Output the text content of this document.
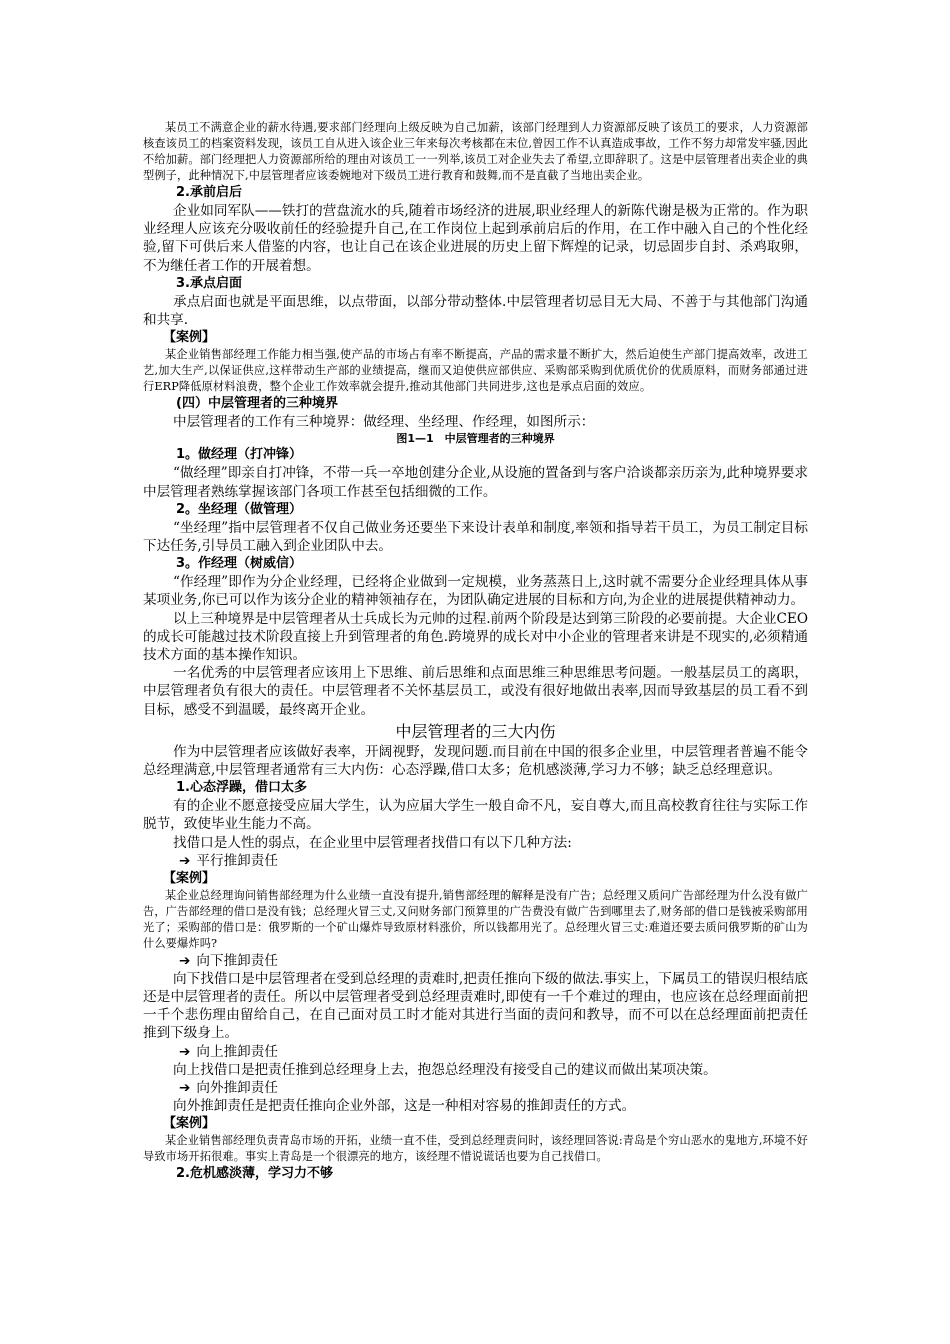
某员工不满意企业的薪水待遇,要求部门经理向上级反映为自己加薪，该部门经理到人力资源部反映了该员工的要求，人力资源部核查该员工的档案资料发现，该员工自从进入该企业三年来每次考核都在末位,曾因工作不认真造成事故，工作不努力却常发牢骚,因此不给加薪。部门经理把人力资源部所给的理由对该员工一一列举,该员工对企业失去了希望,立即辞职了。这是中层管理者出卖企业的典型例子，此种情况下,中层管理者应该委婉地对下级员工进行教育和鼓舞,而不是直截了当地出卖企业。

2.承前启后

企业如同军队——铁打的营盘流水的兵,随着市场经济的进展,职业经理人的新陈代谢是极为正常的。作为职业经理人应该充分吸收前任的经验提升自己,在工作岗位上起到承前启后的作用，在工作中融入自己的个性化经验,留下可供后来人借鉴的内容，也让自己在该企业进展的历史上留下辉煌的记录，切忌固步自封、杀鸡取卵，不为继任者工作的开展着想。

3.承点启面

承点启面也就是平面思维，以点带面，以部分带动整体.中层管理者切忌目无大局、不善于与其他部门沟通和共享.

【案例】

某企业销售部经理工作能力相当强,使产品的市场占有率不断提高，产品的需求量不断扩大，然后迫使生产部门提高效率，改进工艺,加大生产,以保证供应,这样带动生产部的业绩提高，继而又迫使供应部供应、采购部采购到优质优价的优质原料，而财务部通过进行ERP降低原材料浪费，整个企业工作效率就会提升,推动其他部门共同进步,这也是承点启面的效应。

(四）中层管理者的三种境界

中层管理者的工作有三种境界：做经理、坐经理、作经理，如图所示：

图1—1　中层管理者的三种境界

1。做经理（打冲锋）

“做经理”即亲自打冲锋，不带一兵一卒地创建分企业,从设施的置备到与客户洽谈都亲历亲为,此种境界要求中层管理者熟练掌握该部门各项工作甚至包括细微的工作。

2。坐经理（做管理）

“坐经理”指中层管理者不仅自己做业务还要坐下来设计表单和制度,率领和指导若干员工，为员工制定目标下达任务,引导员工融入到企业团队中去。

3。作经理（树威信）

“作经理”即作为分企业经理，已经将企业做到一定规模，业务蒸蒸日上,这时就不需要分企业经理具体从事某项业务,你已可以作为该分企业的精神领袖存在，为团队确定进展的目标和方向,为企业的进展提供精神动力。

以上三种境界是中层管理者从士兵成长为元帅的过程.前两个阶段是达到第三阶段的必要前提。大企业CEO的成长可能越过技术阶段直接上升到管理者的角色.跨境界的成长对中小企业的管理者来讲是不现实的,必须精通技术方面的基本操作知识。

一名优秀的中层管理者应该用上下思维、前后思维和点面思维三种思维思考问题。一般基层员工的离职，中层管理者负有很大的责任。中层管理者不关怀基层员工，或没有很好地做出表率,因而导致基层的员工看不到目标，感受不到温暖，最终离开企业。

中层管理者的三大内伤

作为中层管理者应该做好表率，开阔视野，发现问题.而目前在中国的很多企业里，中层管理者普遍不能令总经理满意,中层管理者通常有三大内伤：心态浮躁,借口太多；危机感淡薄,学习力不够；缺乏总经理意识。

1.心态浮躁，借口太多

有的企业不愿意接受应届大学生，认为应届大学生一般自命不凡，妄自尊大,而且高校教育往往与实际工作脱节，致使毕业生能力不高。

找借口是人性的弱点，在企业里中层管理者找借口有以下几种方法:

➔ 平行推卸责任

【案例】

某企业总经理询问销售部经理为什么业绩一直没有提升,销售部经理的解释是没有广告；总经理又质问广告部经理为什么没有做广告，广告部经理的借口是没有钱；总经理火冒三丈,又问财务部门预算里的广告费没有做广告到哪里去了,财务部的借口是钱被采购部用光了；采购部的借口是：俄罗斯的一个矿山爆炸导致原材料涨价，所以钱都用光了。总经理火冒三丈:难道还要去质问俄罗斯的矿山为什么要爆炸吗?

➔ 向下推卸责任

向下找借口是中层管理者在受到总经理的责难时,把责任推向下级的做法.事实上，下属员工的错误归根结底还是中层管理者的责任。所以中层管理者受到总经理责难时,即使有一千个难过的理由，也应该在总经理面前把一千个悲伤理由留给自己，在自己面对员工时才能对其进行当面的责问和教导，而不可以在总经理面前把责任推到下级身上。

➔ 向上推卸责任

向上找借口是把责任推到总经理身上去，抱怨总经理没有接受自己的建议而做出某项决策。

➔ 向外推卸责任

向外推卸责任是把责任推向企业外部，这是一种相对容易的推卸责任的方式。

【案例】

某企业销售部经理负责青岛市场的开拓，业绩一直不佳，受到总经理责问时，该经理回答说:青岛是个穷山恶水的鬼地方,环境不好导致市场开拓很难。事实上青岛是一个很漂亮的地方，该经理不惜说谎话也要为自己找借口。

2.危机感淡薄，学习力不够
